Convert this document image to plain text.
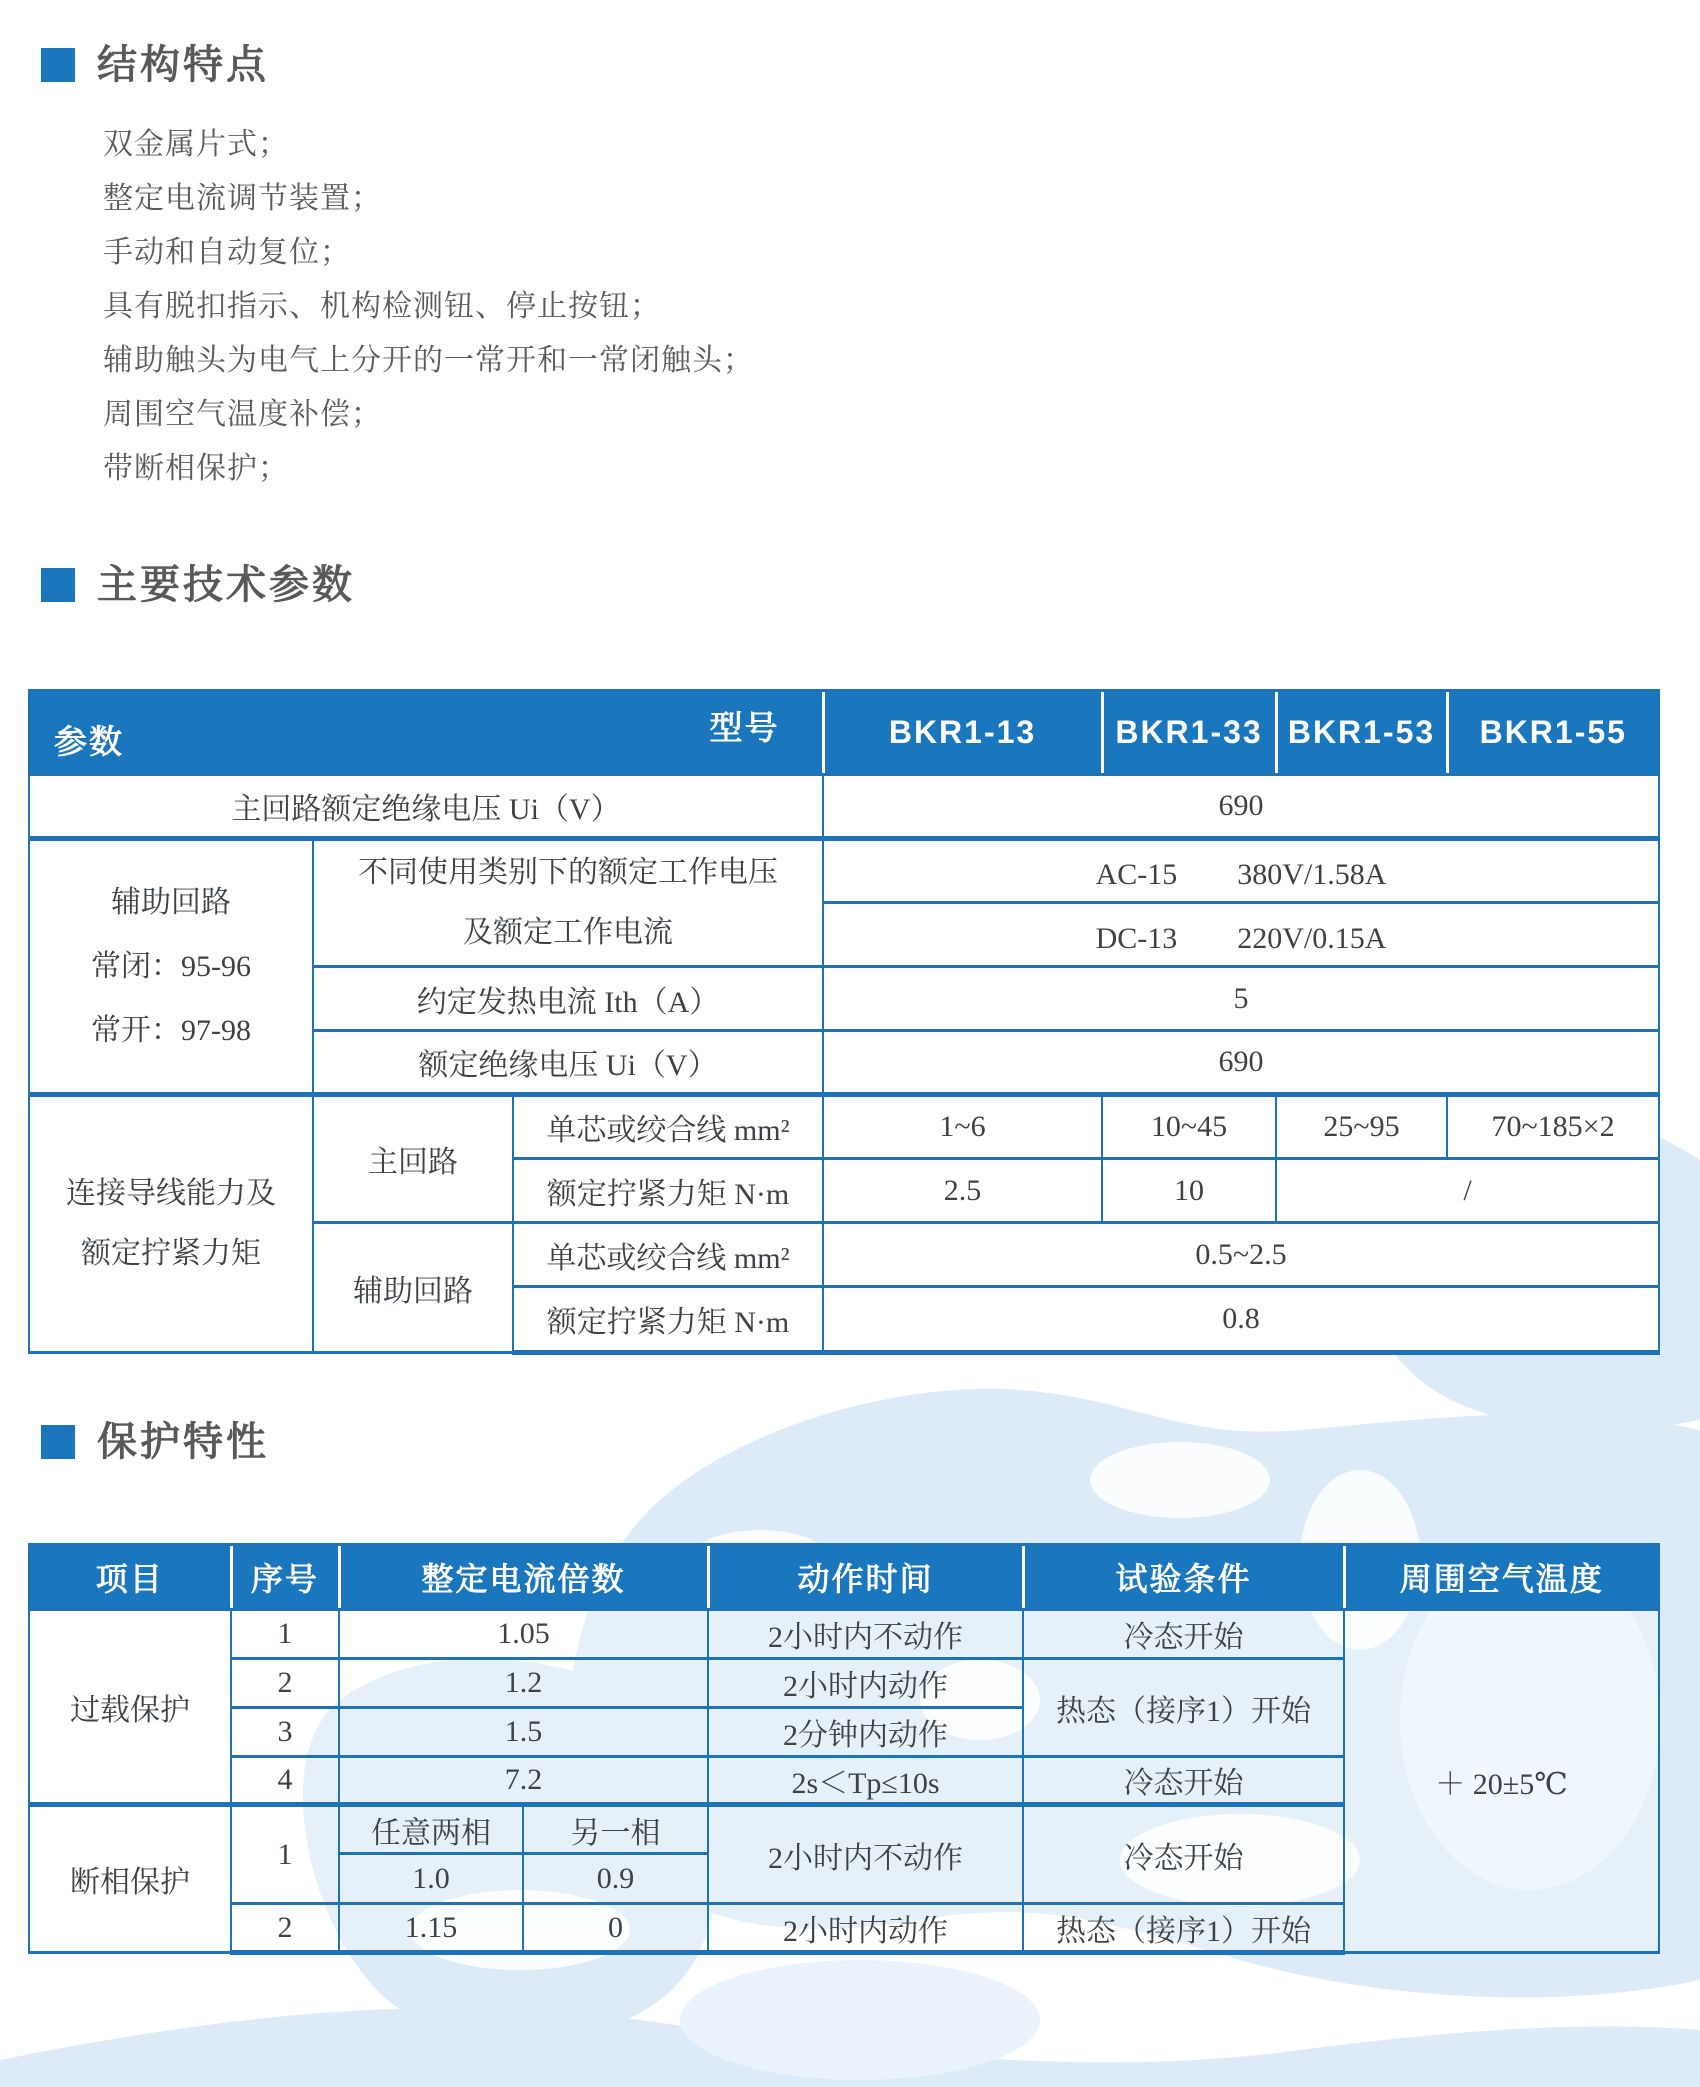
结构特点
双金属片式；
整定电流调节装置；
手动和自动复位；
具有脱扣指示、机构检测钮、停止按钮；
辅助触头为电气上分开的一常开和一常闭触头；
周围空气温度补偿；
带断相保护；
主要技术参数
型号
参数			BKR1-13	BKR1-33	BKR1-53	BKR1-55
主回路额定绝缘电压 Ui（V）			690			

辅助回路
常闭：95-96
常开：97-98	不同使用类别下的额定工作电压
及额定工作电流		AC-15　　380V/1.58A			
			DC-13　　220V/0.15A			
	约定发热电流 Ith（A）		5			
	额定绝缘电压 Ui（V）		690			

连接导线能力及
额定拧紧力矩	主回路	单芯或绞合线 mm²	1~6	10~45	25~95	70~185×2
		额定拧紧力矩 N·m	2.5	10	/	
	辅助回路	单芯或绞合线 mm²	0.5~2.5			
		额定拧紧力矩 N·m	0.8			
保护特性
项目	序号	整定电流倍数		动作时间	试验条件	周围空气温度
过载保护	1	1.05		2小时内不动作	冷态开始	＋ 20±5℃
	2	1.2		2小时内动作	热态（接序1）开始	
	3	1.5		2分钟内动作		
	4	7.2		2s＜Tp≤10s	冷态开始	
断相保护	1	任意两相	另一相	2小时内不动作	冷态开始	
		1.0	0.9			
	2	1.15	0	2小时内动作	热态（接序1）开始	
